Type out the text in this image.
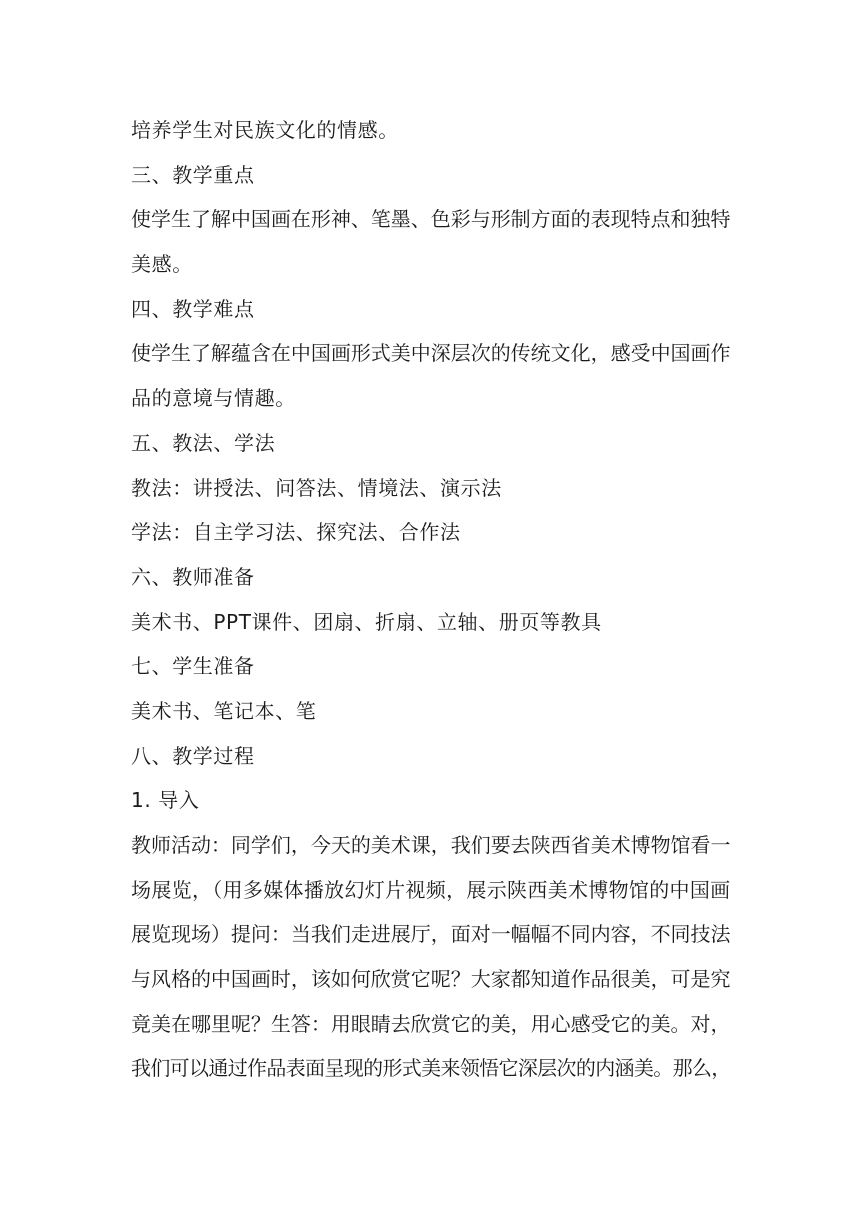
培养学生对民族文化的情感。
三、教学重点
使学生了解中国画在形神、笔墨、色彩与形制方面的表现特点和独特
美感。
四、教学难点
使学生了解蕴含在中国画形式美中深层次的传统文化，感受中国画作
品的意境与情趣。
五、教法、学法
教法：讲授法、问答法、情境法、演示法
学法：自主学习法、探究法、合作法
六、教师准备
美术书、PPT课件、团扇、折扇、立轴、册页等教具
七、学生准备
美术书、笔记本、笔
八、教学过程
1. 导入
教师活动：同学们，今天的美术课，我们要去陕西省美术博物馆看一
场展览，（用多媒体播放幻灯片视频，展示陕西美术博物馆的中国画
展览现场）提问：当我们走进展厅，面对一幅幅不同内容，不同技法
与风格的中国画时，该如何欣赏它呢？大家都知道作品很美，可是究
竟美在哪里呢？生答：用眼睛去欣赏它的美，用心感受它的美。对，
我们可以通过作品表面呈现的形式美来领悟它深层次的内涵美。那么，
